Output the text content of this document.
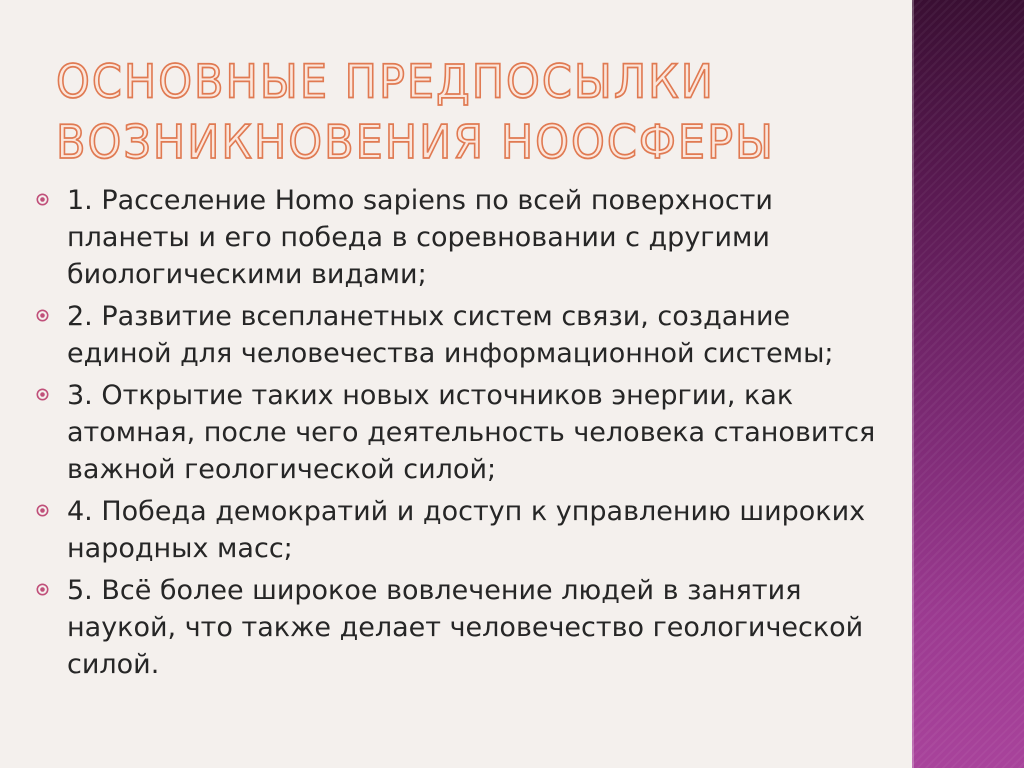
ОСНОВНЫЕ ПРЕДПОСЫЛКИ
ВОЗНИКНОВЕНИЯ НООСФЕРЫ
1. Расселение Homo sapiens по всей поверхности планеты и его победа в соревновании с другими биологическими видами;
2. Развитие всепланетных систем связи, создание единой для человечества информационной системы;
3. Открытие таких новых источников энергии, как атомная, после чего деятельность человека становится важной геологической силой;
4. Победа демократий и доступ к управлению широких народных масс;
5. Всё более широкое вовлечение людей в занятия наукой, что также делает человечество геологической силой.
